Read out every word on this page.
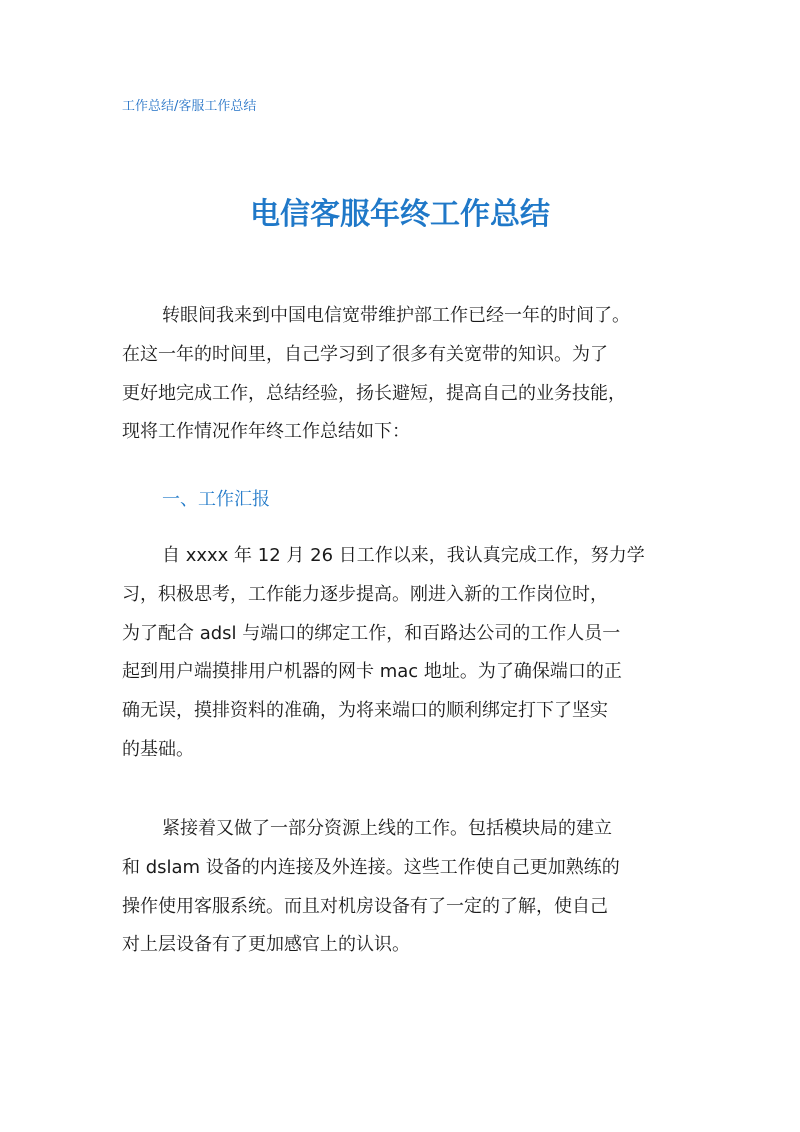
工作总结/客服工作总结
电信客服年终工作总结
转眼间我来到中国电信宽带维护部工作已经一年的时间了。
在这一年的时间里，自己学习到了很多有关宽带的知识。为了
更好地完成工作，总结经验，扬长避短，提高自己的业务技能，
现将工作情况作年终工作总结如下：
一、工作汇报
自 xxxx 年 12 月 26 日工作以来，我认真完成工作，努力学
习，积极思考，工作能力逐步提高。刚进入新的工作岗位时，
为了配合 adsl 与端口的绑定工作，和百路达公司的工作人员一
起到用户端摸排用户机器的网卡 mac 地址。为了确保端口的正
确无误，摸排资料的准确，为将来端口的顺利绑定打下了坚实
的基础。
紧接着又做了一部分资源上线的工作。包括模块局的建立
和 dslam 设备的内连接及外连接。这些工作使自己更加熟练的
操作使用客服系统。而且对机房设备有了一定的了解，使自己
对上层设备有了更加感官上的认识。
